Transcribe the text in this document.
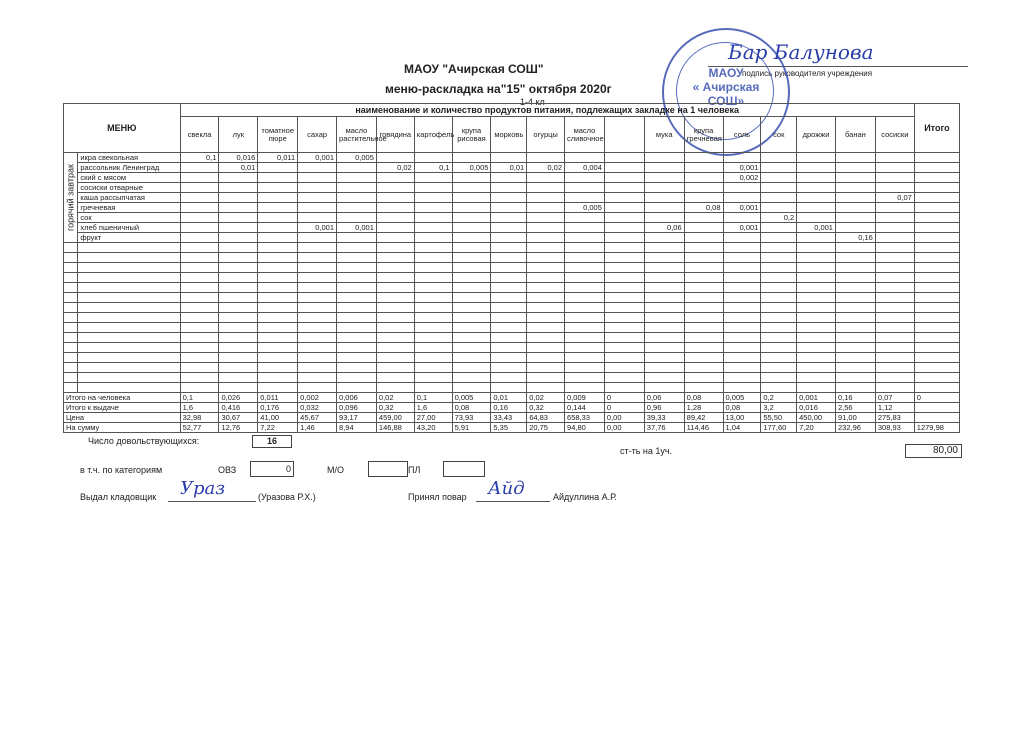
МАОУ "Ачирская СОШ"
меню-раскладка на"15" октября 2020г
1-4 кл
подпись руководителя учреждения
Бар Балунова
МАОУ
« Ачирская
СОШ»
МЕНЮ		наименование и количество продуктов питания, подлежащих закладке на 1 человека																			Итого
		свекла	лук	томатное пюре	сахар	масло растительное	говядина	картофель	крупа рисовая	морковь	огурцы	масло сливочное		мука	крупа гречневая	соль	сок	дрожжи	банан	сосиски	
горячий завтрак	икра свекольная	0,1	0,016	0,011	0,001	0,005															
	рассольник Ленинград		0,01				0,02	0,1	0,005	0,01	0,02	0,004				0,001					
	ский с мясом															0,002					
	сосиски отварные																				
	каша рассыпчатая																			0,07	
	гречневая											0,005			0,08	0,001					
	сок																0,2				
	хлеб пшеничный				0,001	0,001								0,06		0,001		0,001			
	фрукт																		0,16		

Итого на человека		0,1	0,026	0,011	0,002	0,006	0,02	0,1	0,005	0,01	0,02	0,009	0	0,06	0,08	0,005	0,2	0,001	0,16	0,07	0
Итого к выдаче		1,6	0,416	0,176	0,032	0,096	0,32	1,6	0,08	0,16	0,32	0,144	0	0,96	1,28	0,08	3,2	0,016	2,56	1,12	
Цена		32,98	30,67	41,00	45,67	93,17	459,00	27,00	73,93	33,43	64,83	658,33	0,00	39,33	89,42	13,00	55,50	450,00	91,00	275,83	
На сумму		52,77	12,76	7,22	1,46	8,94	146,88	43,20	5,91	5,35	20,75	94,80	0,00	37,76	114,46	1,04	177,60	7,20	232,96	308,93	1279,98
Число довольствующихся:	16
ст-ть на 1уч.	80,00
в т.ч. по категориям	ОВЗ	0	М/О	ПЛ
Выдал кладовщик Ураз	(Уразова Р.Х.)	Принял повар Айд	Айдуллина А.Р.
